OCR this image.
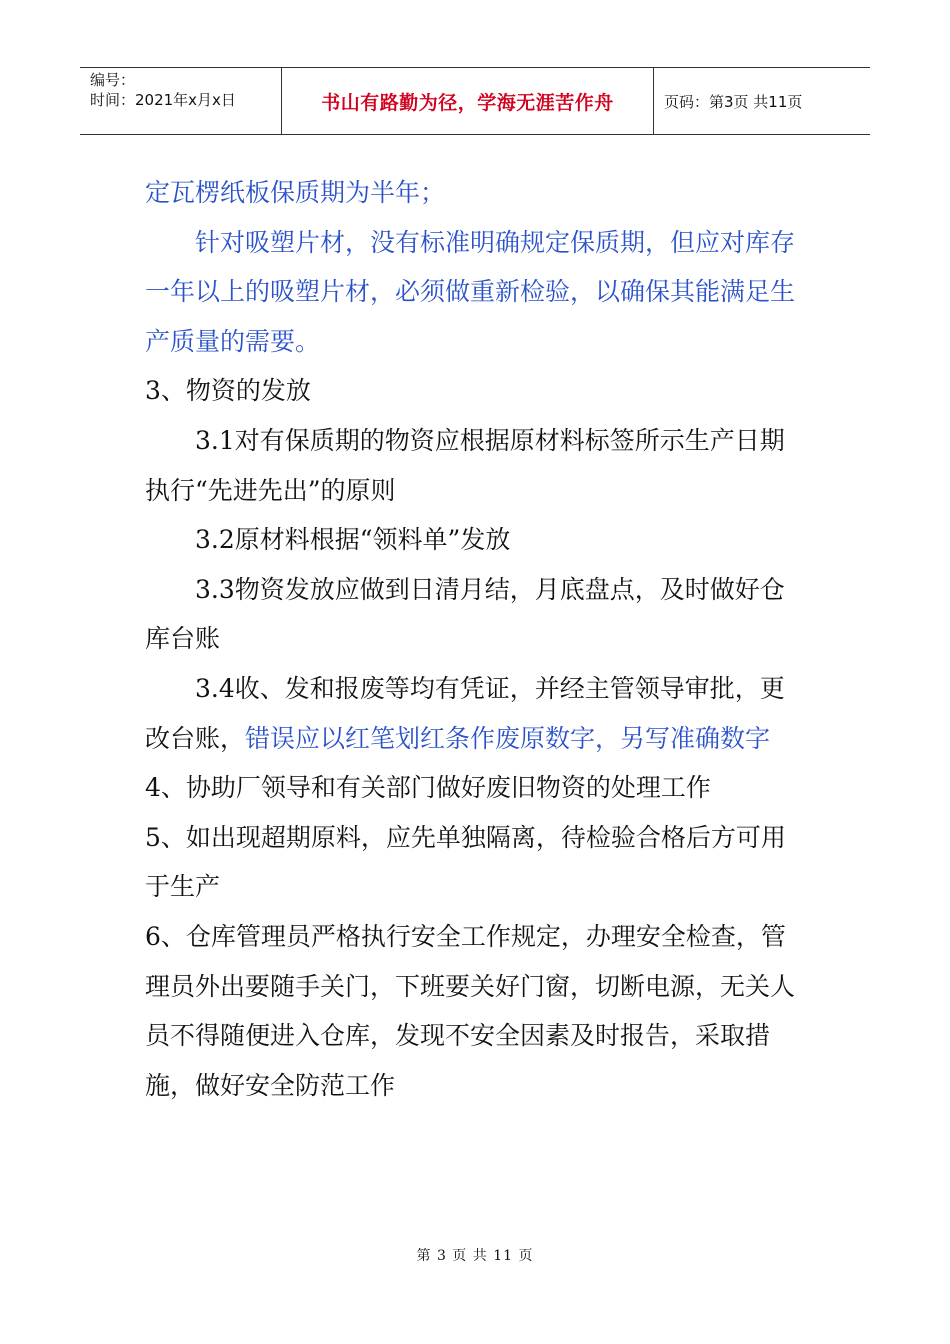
编号：
时间：2021年x月x日	书山有路勤为径，学海无涯苦作舟	页码：第3页 共11页

定瓦楞纸板保质期为半年；

针对吸塑片材，没有标准明确规定保质期，但应对库存一年以上的吸塑片材，必须做重新检验，以确保其能满足生产质量的需要。

3、物资的发放

3.1对有保质期的物资应根据原材料标签所示生产日期执行“先进先出”的原则

3.2原材料根据“领料单”发放

3.3物资发放应做到日清月结，月底盘点，及时做好仓库台账

3.4收、发和报废等均有凭证，并经主管领导审批，更改台账，错误应以红笔划红条作废原数字，另写准确数字

4、协助厂领导和有关部门做好废旧物资的处理工作

5、如出现超期原料，应先单独隔离，待检验合格后方可用于生产

6、仓库管理员严格执行安全工作规定，办理安全检查，管理员外出要随手关门，下班要关好门窗，切断电源，无关人员不得随便进入仓库，发现不安全因素及时报告，采取措施，做好安全防范工作

第 3 页 共 11 页
